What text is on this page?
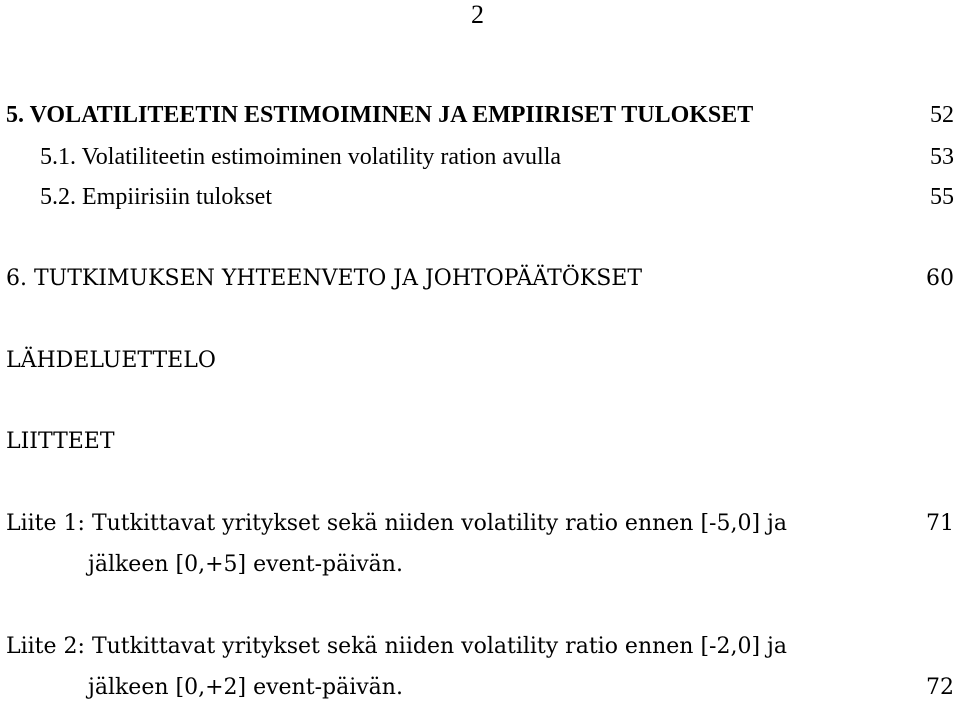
2
5. VOLATILITEETIN ESTIMOIMINEN JA EMPIIRISET TULOKSET	52
5.1. Volatiliteetin estimoiminen volatility ration avulla	53
5.2. Empiirisiin tulokset	55
6. TUTKIMUKSEN YHTEENVETO JA JOHTOPÄÄTÖKSET	60
LÄHDELUETTELO
LIITTEET
Liite 1: Tutkittavat yritykset sekä niiden volatility ratio ennen [-5,0] ja	71
jälkeen [0,+5] event-päivän.
Liite 2: Tutkittavat yritykset sekä niiden volatility ratio ennen [-2,0] ja
jälkeen [0,+2] event-päivän.	72
